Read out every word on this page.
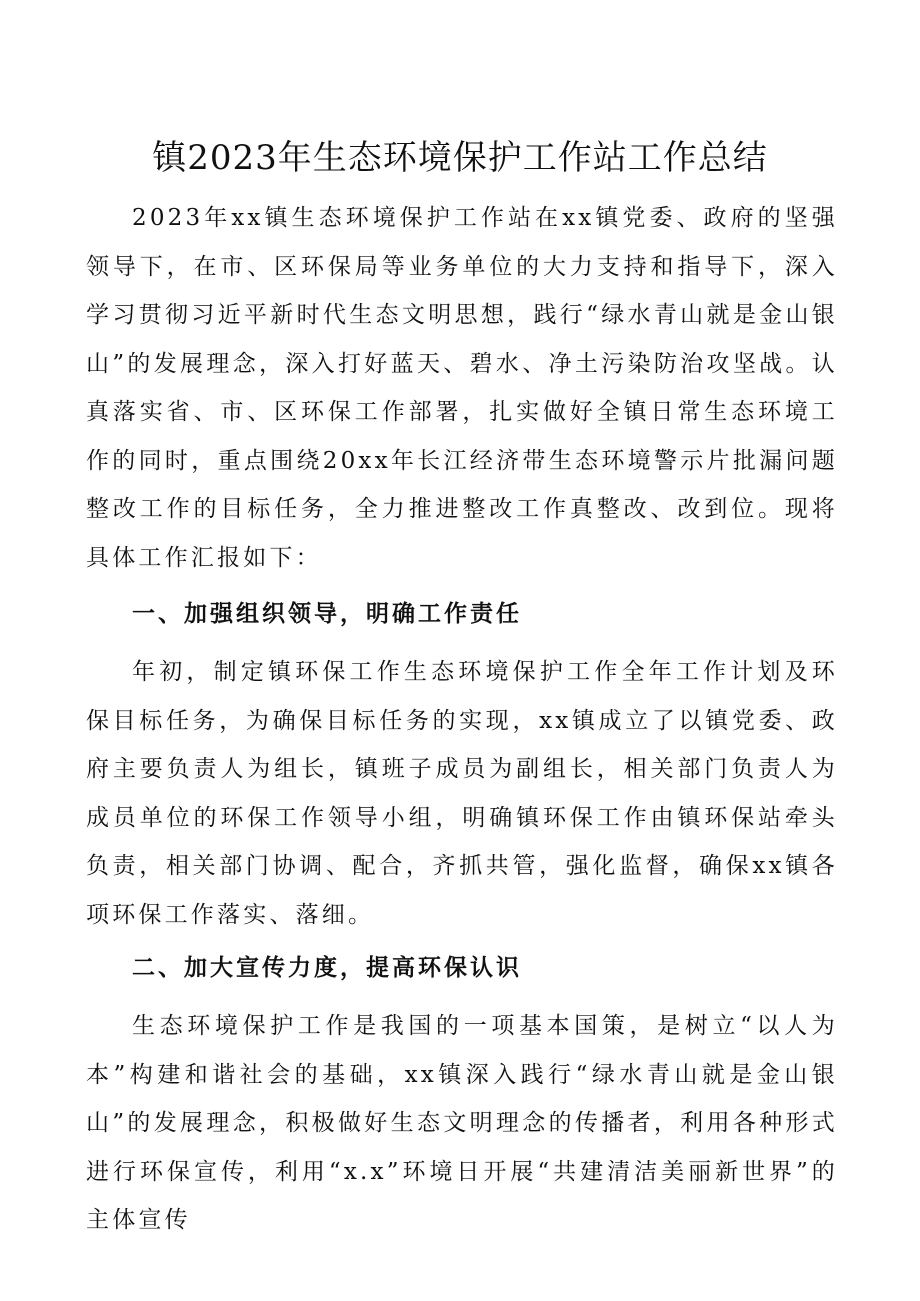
镇2023年生态环境保护工作站工作总结

2023年xx镇生态环境保护工作站在xx镇党委、政府的坚强领导下，在市、区环保局等业务单位的大力支持和指导下，深入学习贯彻习近平新时代生态文明思想，践行“绿水青山就是金山银山”的发展理念，深入打好蓝天、碧水、净土污染防治攻坚战。认真落实省、市、区环保工作部署，扎实做好全镇日常生态环境工作的同时，重点围绕20xx年长江经济带生态环境警示片批漏问题整改工作的目标任务，全力推进整改工作真整改、改到位。现将具体工作汇报如下：

一、加强组织领导，明确工作责任

年初，制定镇环保工作生态环境保护工作全年工作计划及环保目标任务，为确保目标任务的实现，xx镇成立了以镇党委、政府主要负责人为组长，镇班子成员为副组长，相关部门负责人为成员单位的环保工作领导小组，明确镇环保工作由镇环保站牵头负责，相关部门协调、配合，齐抓共管，强化监督，确保xx镇各项环保工作落实、落细。

二、加大宣传力度，提高环保认识

生态环境保护工作是我国的一项基本国策，是树立“以人为本”构建和谐社会的基础，xx镇深入践行“绿水青山就是金山银山”的发展理念，积极做好生态文明理念的传播者，利用各种形式进行环保宣传，利用“x.x”环境日开展“共建清洁美丽新世界”的主体宣传
